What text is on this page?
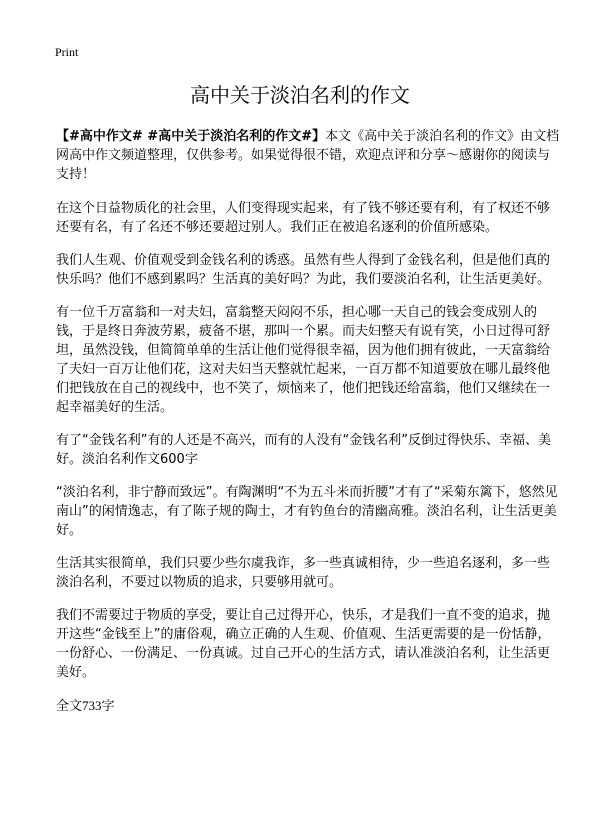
Print
高中关于淡泊名利的作文

【#高中作文# #高中关于淡泊名利的作文#】本文《高中关于淡泊名利的作文》由文档网高中作文频道整理，仅供参考。如果觉得很不错，欢迎点评和分享～感谢你的阅读与支持！

在这个日益物质化的社会里，人们变得现实起来，有了钱不够还要有利，有了权还不够还要有名，有了名还不够还要超过别人。我们正在被追名逐利的价值所感染。

我们人生观、价值观受到金钱名利的诱惑。虽然有些人得到了金钱名利，但是他们真的快乐吗？他们不感到累吗？生活真的美好吗？为此，我们要淡泊名利，让生活更美好。

有一位千万富翁和一对夫妇，富翁整天闷闷不乐，担心哪一天自己的钱会变成别人的钱，于是终日奔波劳累，疲备不堪，那叫一个累。而夫妇整天有说有笑，小日过得可舒坦，虽然没钱，但简简单单的生活让他们觉得很幸福，因为他们拥有彼此，一天富翁给了夫妇一百万让他们花，这对夫妇当天整就忙起来，一百万都不知道要放在哪儿最终他们把钱放在自己的视线中，也不笑了，烦恼来了，他们把钱还给富翁，他们又继续在一起幸福美好的生活。

有了“金钱名利”有的人还是不高兴，而有的人没有“金钱名利”反倒过得快乐、幸福、美好。淡泊名利作文600字

“淡泊名利，非宁静而致远”。有陶渊明“不为五斗米而折腰”才有了“采菊东篱下，悠然见南山”的闲情逸志，有了陈子规的陶士，才有钓鱼台的清幽高雅。淡泊名利，让生活更美好。

生活其实很简单，我们只要少些尔虞我诈，多一些真诚相待，少一些追名逐利，多一些淡泊名利，不要过以物质的追求，只要够用就可。

我们不需要过于物质的享受，要让自己过得开心，快乐，才是我们一直不变的追求，抛开这些“金钱至上”的庸俗观，确立正确的人生观、价值观、生活更需要的是一份恬静，一份舒心、一份满足、一份真诚。过自己开心的生活方式，请认准淡泊名利，让生活更美好。

全文733字
